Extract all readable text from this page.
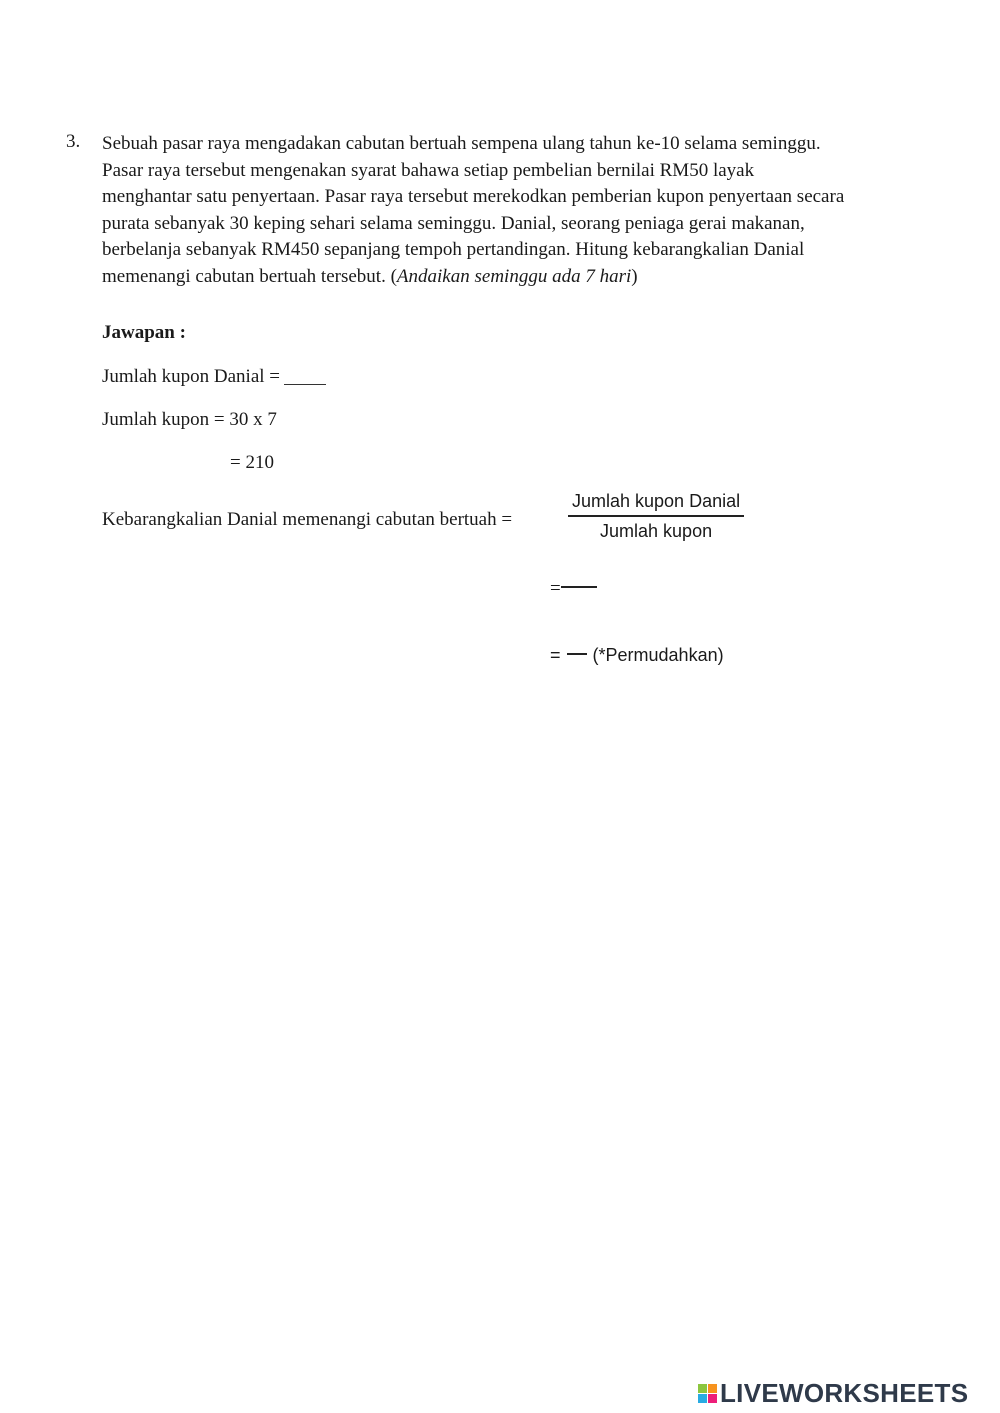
3. Sebuah pasar raya mengadakan cabutan bertuah sempena ulang tahun ke-10 selama seminggu.
Pasar raya tersebut mengenakan syarat bahawa setiap pembelian bernilai RM50 layak
menghantar satu penyertaan. Pasar raya tersebut merekodkan pemberian kupon penyertaan secara
purata sebanyak 30 keping sehari selama seminggu. Danial, seorang peniaga gerai makanan,
berbelanja sebanyak RM450 sepanjang tempoh pertandingan. Hitung kebarangkalian Danial
memenangi cabutan bertuah tersebut. (Andaikan seminggu ada 7 hari)
Jawapan :
Jumlah kupon Danial =
Jumlah kupon = 30 x 7
= 210
Kebarangkalian Danial memenangi cabutan bertuah =
Jumlah kupon Danial
Jumlah kupon
=
= (*Permudahkan)
LIVEWORKSHEETS
